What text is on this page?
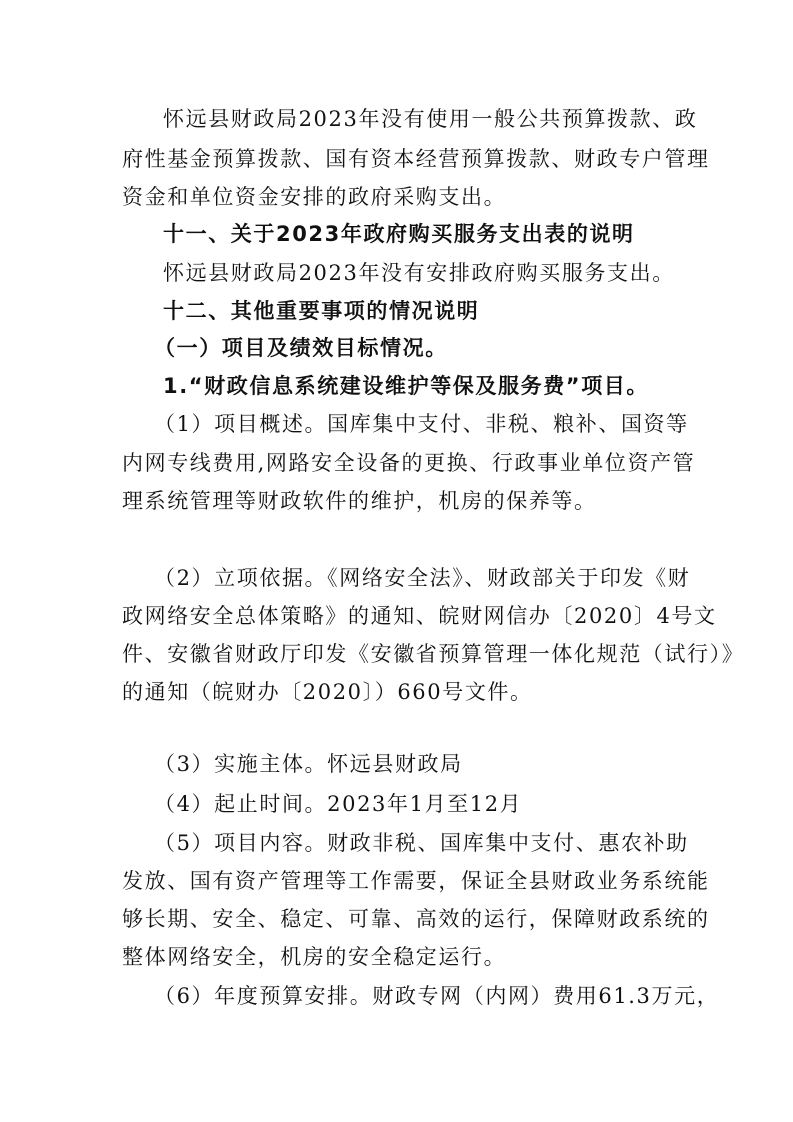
怀远县财政局2023年没有使用一般公共预算拨款、政
府性基金预算拨款、国有资本经营预算拨款、财政专户管理
资金和单位资金安排的政府采购支出。
十一、关于2023年政府购买服务支出表的说明
怀远县财政局2023年没有安排政府购买服务支出。
十二、其他重要事项的情况说明
（一）项目及绩效目标情况。
1.“财政信息系统建设维护等保及服务费”项目。
（1）项目概述。国库集中支付、非税、粮补、国资等
内网专线费用,网路安全设备的更换、行政事业单位资产管
理系统管理等财政软件的维护，机房的保养等。
（2）立项依据。《网络安全法》、财政部关于印发《财
政网络安全总体策略》的通知、皖财网信办〔2020〕4号文
件、安徽省财政厅印发《安徽省预算管理一体化规范（试行）》
的通知（皖财办〔2020〕）660号文件。
（3）实施主体。怀远县财政局
（4）起止时间。2023年1月至12月
（5）项目内容。财政非税、国库集中支付、惠农补助
发放、国有资产管理等工作需要，保证全县财政业务系统能
够长期、安全、稳定、可靠、高效的运行，保障财政系统的
整体网络安全，机房的安全稳定运行。
（6）年度预算安排。财政专网（内网）费用61.3万元，
